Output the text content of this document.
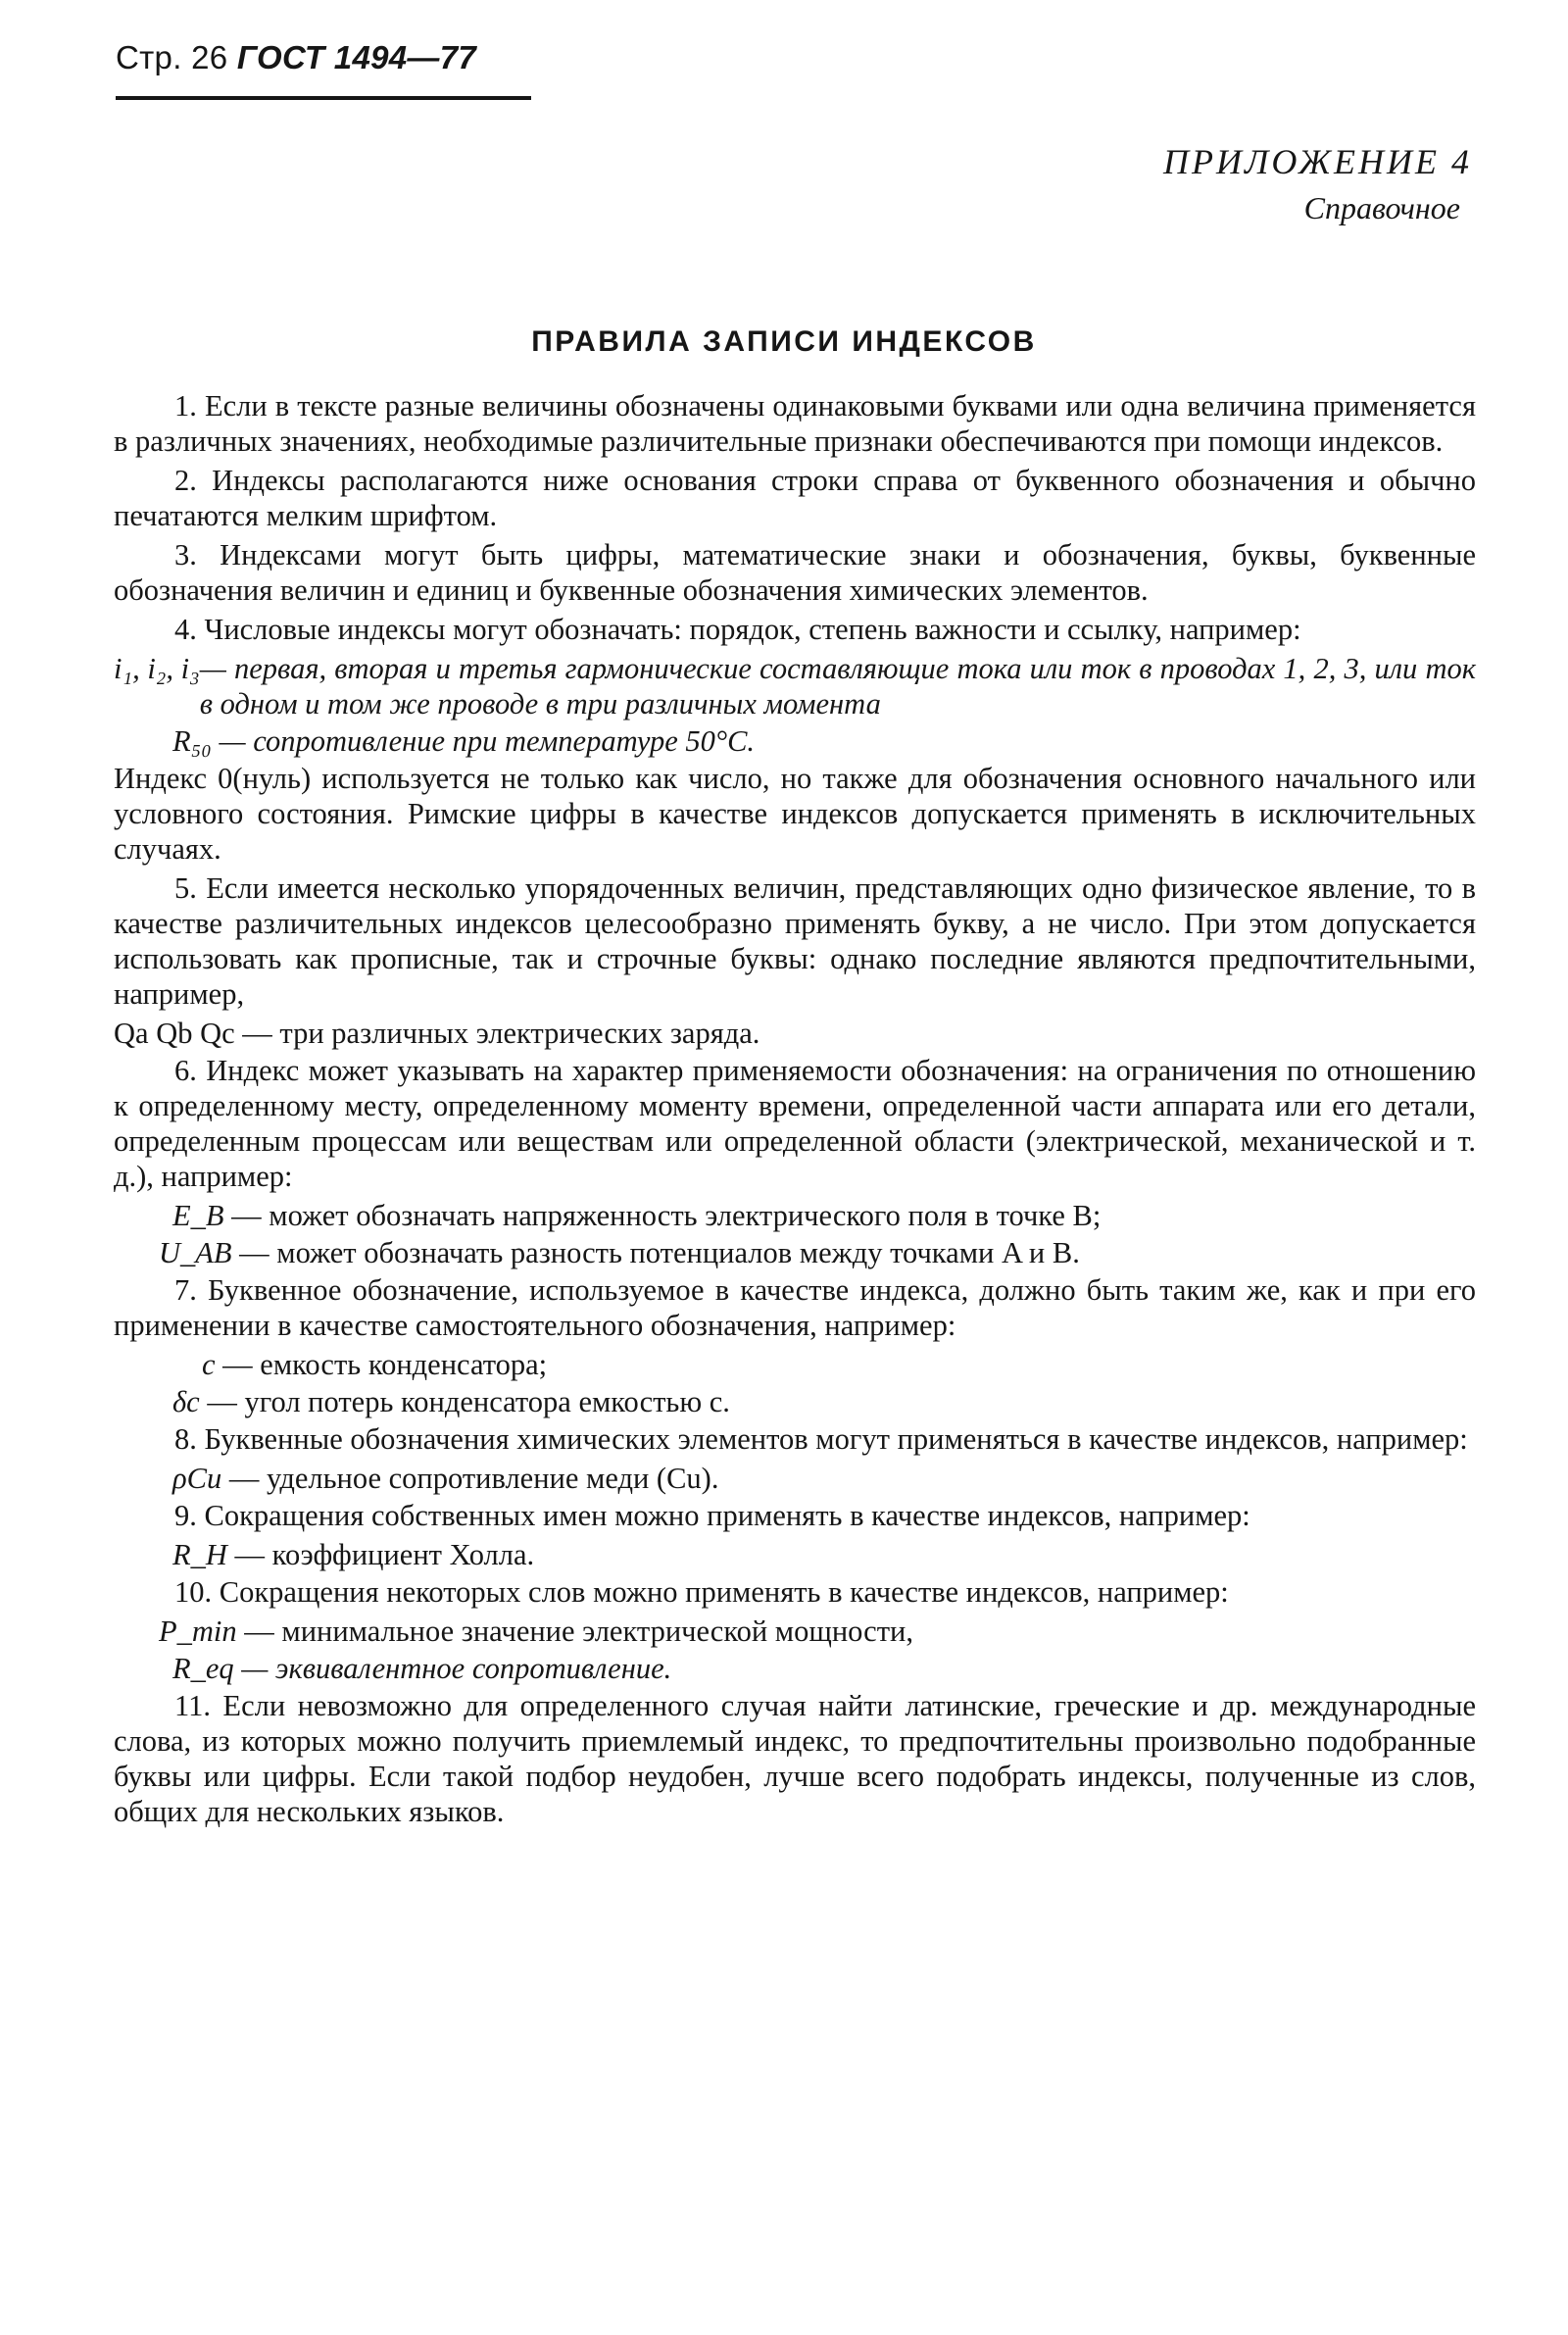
Стр. 26 ГОСТ 1494—77
ПРИЛОЖЕНИЕ 4
Справочное
ПРАВИЛА ЗАПИСИ ИНДЕКСОВ

1. Если в тексте разные величины обозначены одинаковыми буквами или одна величина применяется в различных значениях, необходимые различительные признаки обеспечиваются при помощи индексов.

2. Индексы располагаются ниже основания строки справа от буквенного обозначения и обычно печатаются мелким шрифтом.

3. Индексами могут быть цифры, математические знаки и обозначения, буквы, буквенные обозначения величин и единиц и буквенные обозначения химических элементов.

4. Числовые индексы могут обозначать: порядок, степень важности и ссылку, например:

i₁, i₂, i₃ — первая, вторая и третья гармонические составляющие тока или ток в проводах 1, 2, 3, или ток в одном и том же проводе в три различных момента
R₅₀ — сопротивление при температуре 50°С.

Индекс 0(нуль) используется не только как число, но также для обозначения основного начального или условного состояния. Римские цифры в качестве индексов допускается применять в исключительных случаях.

5. Если имеется несколько упорядоченных величин, представляющих одно физическое явление, то в качестве различительных индексов целесообразно применять букву, а не число. При этом допускается использовать как прописные, так и строчные буквы: однако последние являются предпочтительными, например,

Qa Qb Qc — три различных электрических заряда.

6. Индекс может указывать на характер применяемости обозначения: на ограничения по отношению к определенному месту, определенному моменту времени, определенной части аппарата или его детали, определенным процессам или веществам или определенной области (электрической, механической и т. д.), например:

E_B — может обозначать напряженность электрического поля в точке B;
U_AB — может обозначать разность потенциалов между точками A и B.

7. Буквенное обозначение, используемое в качестве индекса, должно быть таким же, как и при его применении в качестве самостоятельного обозначения, например:

c — емкость конденсатора;
δc — угол потерь конденсатора емкостью c.

8. Буквенные обозначения химических элементов могут применяться в качестве индексов, например:

ρCu — удельное сопротивление меди (Cu).

9. Сокращения собственных имен можно применять в качестве индексов, например:

R_H — коэффициент Холла.

10. Сокращения некоторых слов можно применять в качестве индексов, например:

P_min — минимальное значение электрической мощности,
R_eq — эквивалентное сопротивление.

11. Если невозможно для определенного случая найти латинские, греческие и др. международные слова, из которых можно получить приемлемый индекс, то предпочтительны произвольно подобранные буквы или цифры. Если такой подбор неудобен, лучше всего подобрать индексы, полученные из слов, общих для нескольких языков.
